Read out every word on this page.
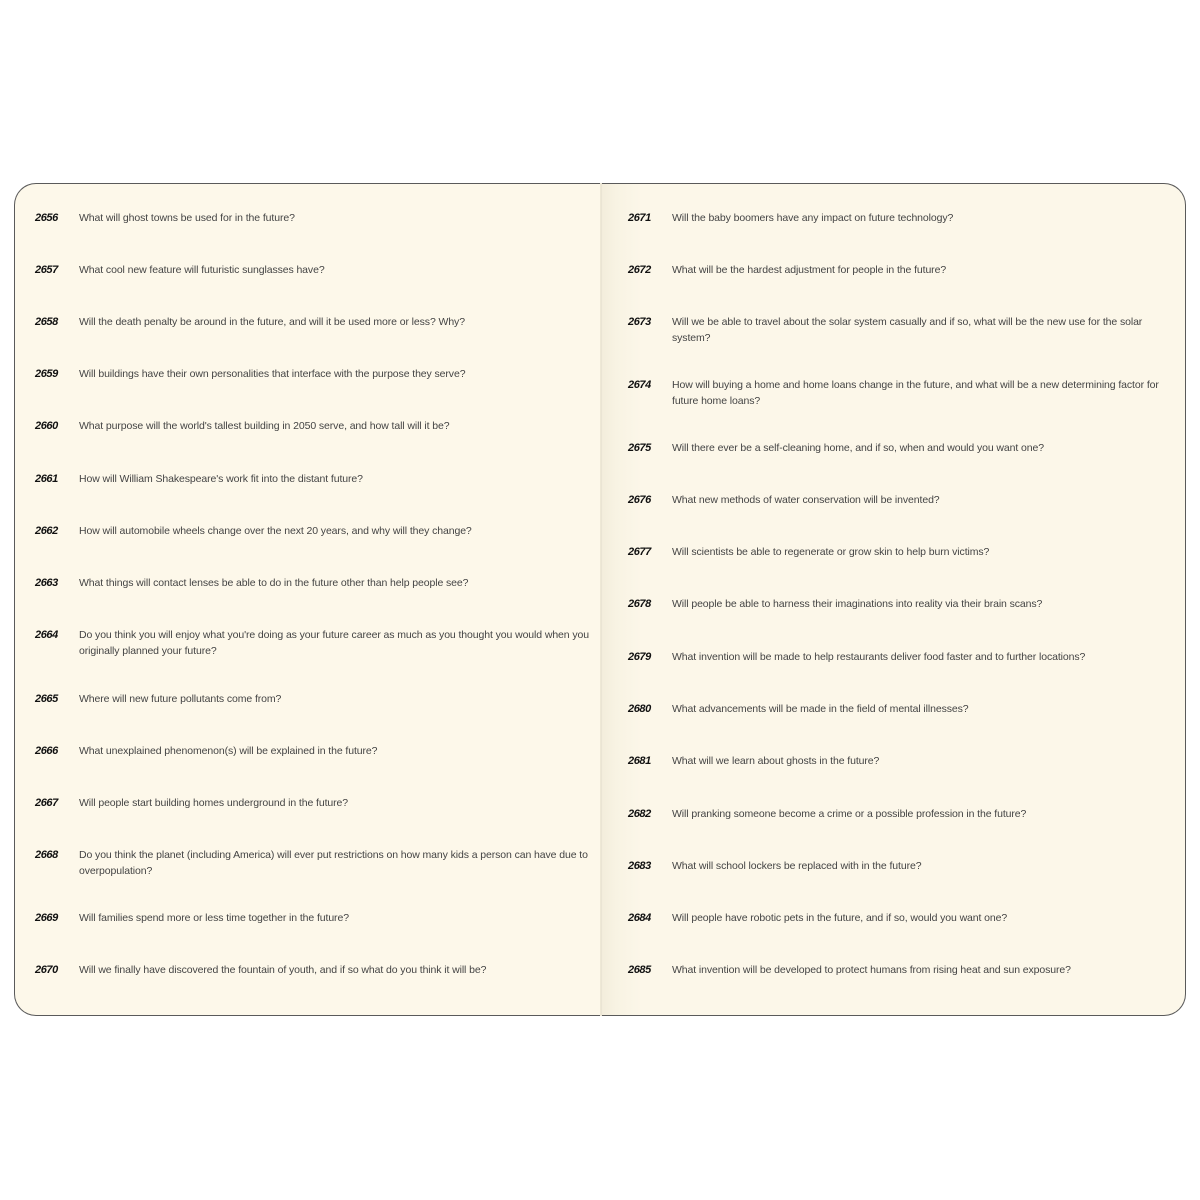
2656	What will ghost towns be used for in the future?
2657	What cool new feature will futuristic sunglasses have?
2658	Will the death penalty be around in the future, and will it be used more or less? Why?
2659	Will buildings have their own personalities that interface with the purpose they serve?
2660	What purpose will the world's tallest building in 2050 serve, and how tall will it be?
2661	How will William Shakespeare's work fit into the distant future?
2662	How will automobile wheels change over the next 20 years, and why will they change?
2663	What things will contact lenses be able to do in the future other than help people see?
2664	Do you think you will enjoy what you're doing as your future career as much as you thought you would when you originally planned your future?
2665	Where will new future pollutants come from?
2666	What unexplained phenomenon(s) will be explained in the future?
2667	Will people start building homes underground in the future?
2668	Do you think the planet (including America) will ever put restrictions on how many kids a person can have due to overpopulation?
2669	Will families spend more or less time together in the future?
2670	Will we finally have discovered the fountain of youth, and if so what do you think it will be?
2671	Will the baby boomers have any impact on future technology?
2672	What will be the hardest adjustment for people in the future?
2673	Will we be able to travel about the solar system casually and if so, what will be the new use for the solar system?
2674	How will buying a home and home loans change in the future, and what will be a new determining factor for future home loans?
2675	Will there ever be a self-cleaning home, and if so, when and would you want one?
2676	What new methods of water conservation will be invented?
2677	Will scientists be able to regenerate or grow skin to help burn victims?
2678	Will people be able to harness their imaginations into reality via their brain scans?
2679	What invention will be made to help restaurants deliver food faster and to further locations?
2680	What advancements will be made in the field of mental illnesses?
2681	What will we learn about ghosts in the future?
2682	Will pranking someone become a crime or a possible profession in the future?
2683	What will school lockers be replaced with in the future?
2684	Will people have robotic pets in the future, and if so, would you want one?
2685	What invention will be developed to protect humans from rising heat and sun exposure?
